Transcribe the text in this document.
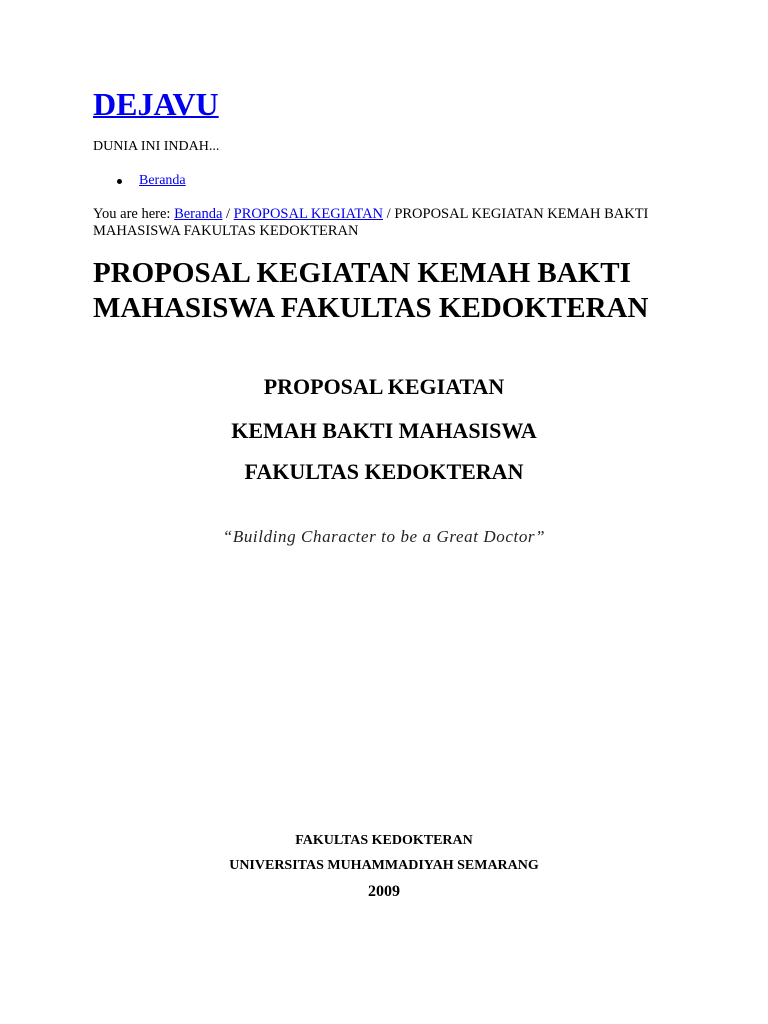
DEJAVU

DUNIA INI INDAH...

Beranda

You are here: Beranda / PROPOSAL KEGIATAN / PROPOSAL KEGIATAN KEMAH BAKTI MAHASISWA FAKULTAS KEDOKTERAN

PROPOSAL KEGIATAN KEMAH BAKTI MAHASISWA FAKULTAS KEDOKTERAN

PROPOSAL KEGIATAN

KEMAH BAKTI MAHASISWA

FAKULTAS KEDOKTERAN

“Building Character to be a Great Doctor”

FAKULTAS KEDOKTERAN

UNIVERSITAS MUHAMMADIYAH SEMARANG

2009
